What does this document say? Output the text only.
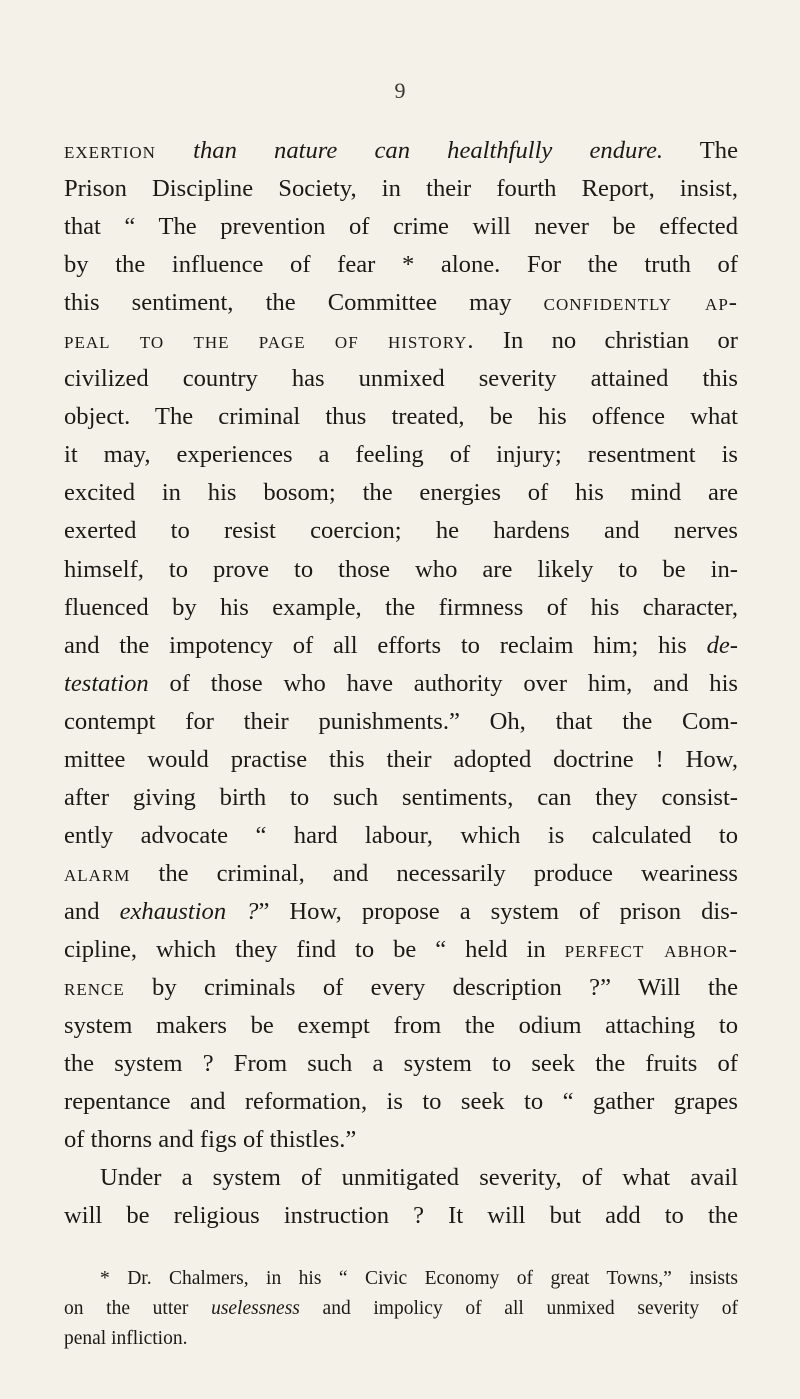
9
exertion than nature can healthfully endure. The
Prison Discipline Society, in their fourth Report, insist,
that “ The prevention of crime will never be effected
by the influence of fear * alone. For the truth of
this sentiment, the Committee may confidently ap-
peal to the page of history. In no christian or
civilized country has unmixed severity attained this
object. The criminal thus treated, be his offence what
it may, experiences a feeling of injury; resentment is
excited in his bosom; the energies of his mind are
exerted to resist coercion; he hardens and nerves
himself, to prove to those who are likely to be in-
fluenced by his example, the firmness of his character,
and the impotency of all efforts to reclaim him; his de-
testation of those who have authority over him, and his
contempt for their punishments.” Oh, that the Com-
mittee would practise this their adopted doctrine ! How,
after giving birth to such sentiments, can they consist-
ently advocate “ hard labour, which is calculated to
alarm the criminal, and necessarily produce weariness
and exhaustion ?” How, propose a system of prison dis-
cipline, which they find to be “ held in perfect abhor-
rence by criminals of every description ?” Will the
system makers be exempt from the odium attaching to
the system ? From such a system to seek the fruits of
repentance and reformation, is to seek to “ gather grapes
of thorns and figs of thistles.”
Under a system of unmitigated severity, of what avail
will be religious instruction ? It will but add to the
* Dr. Chalmers, in his “ Civic Economy of great Towns,” insists
on the utter uselessness and impolicy of all unmixed severity of
penal infliction.
